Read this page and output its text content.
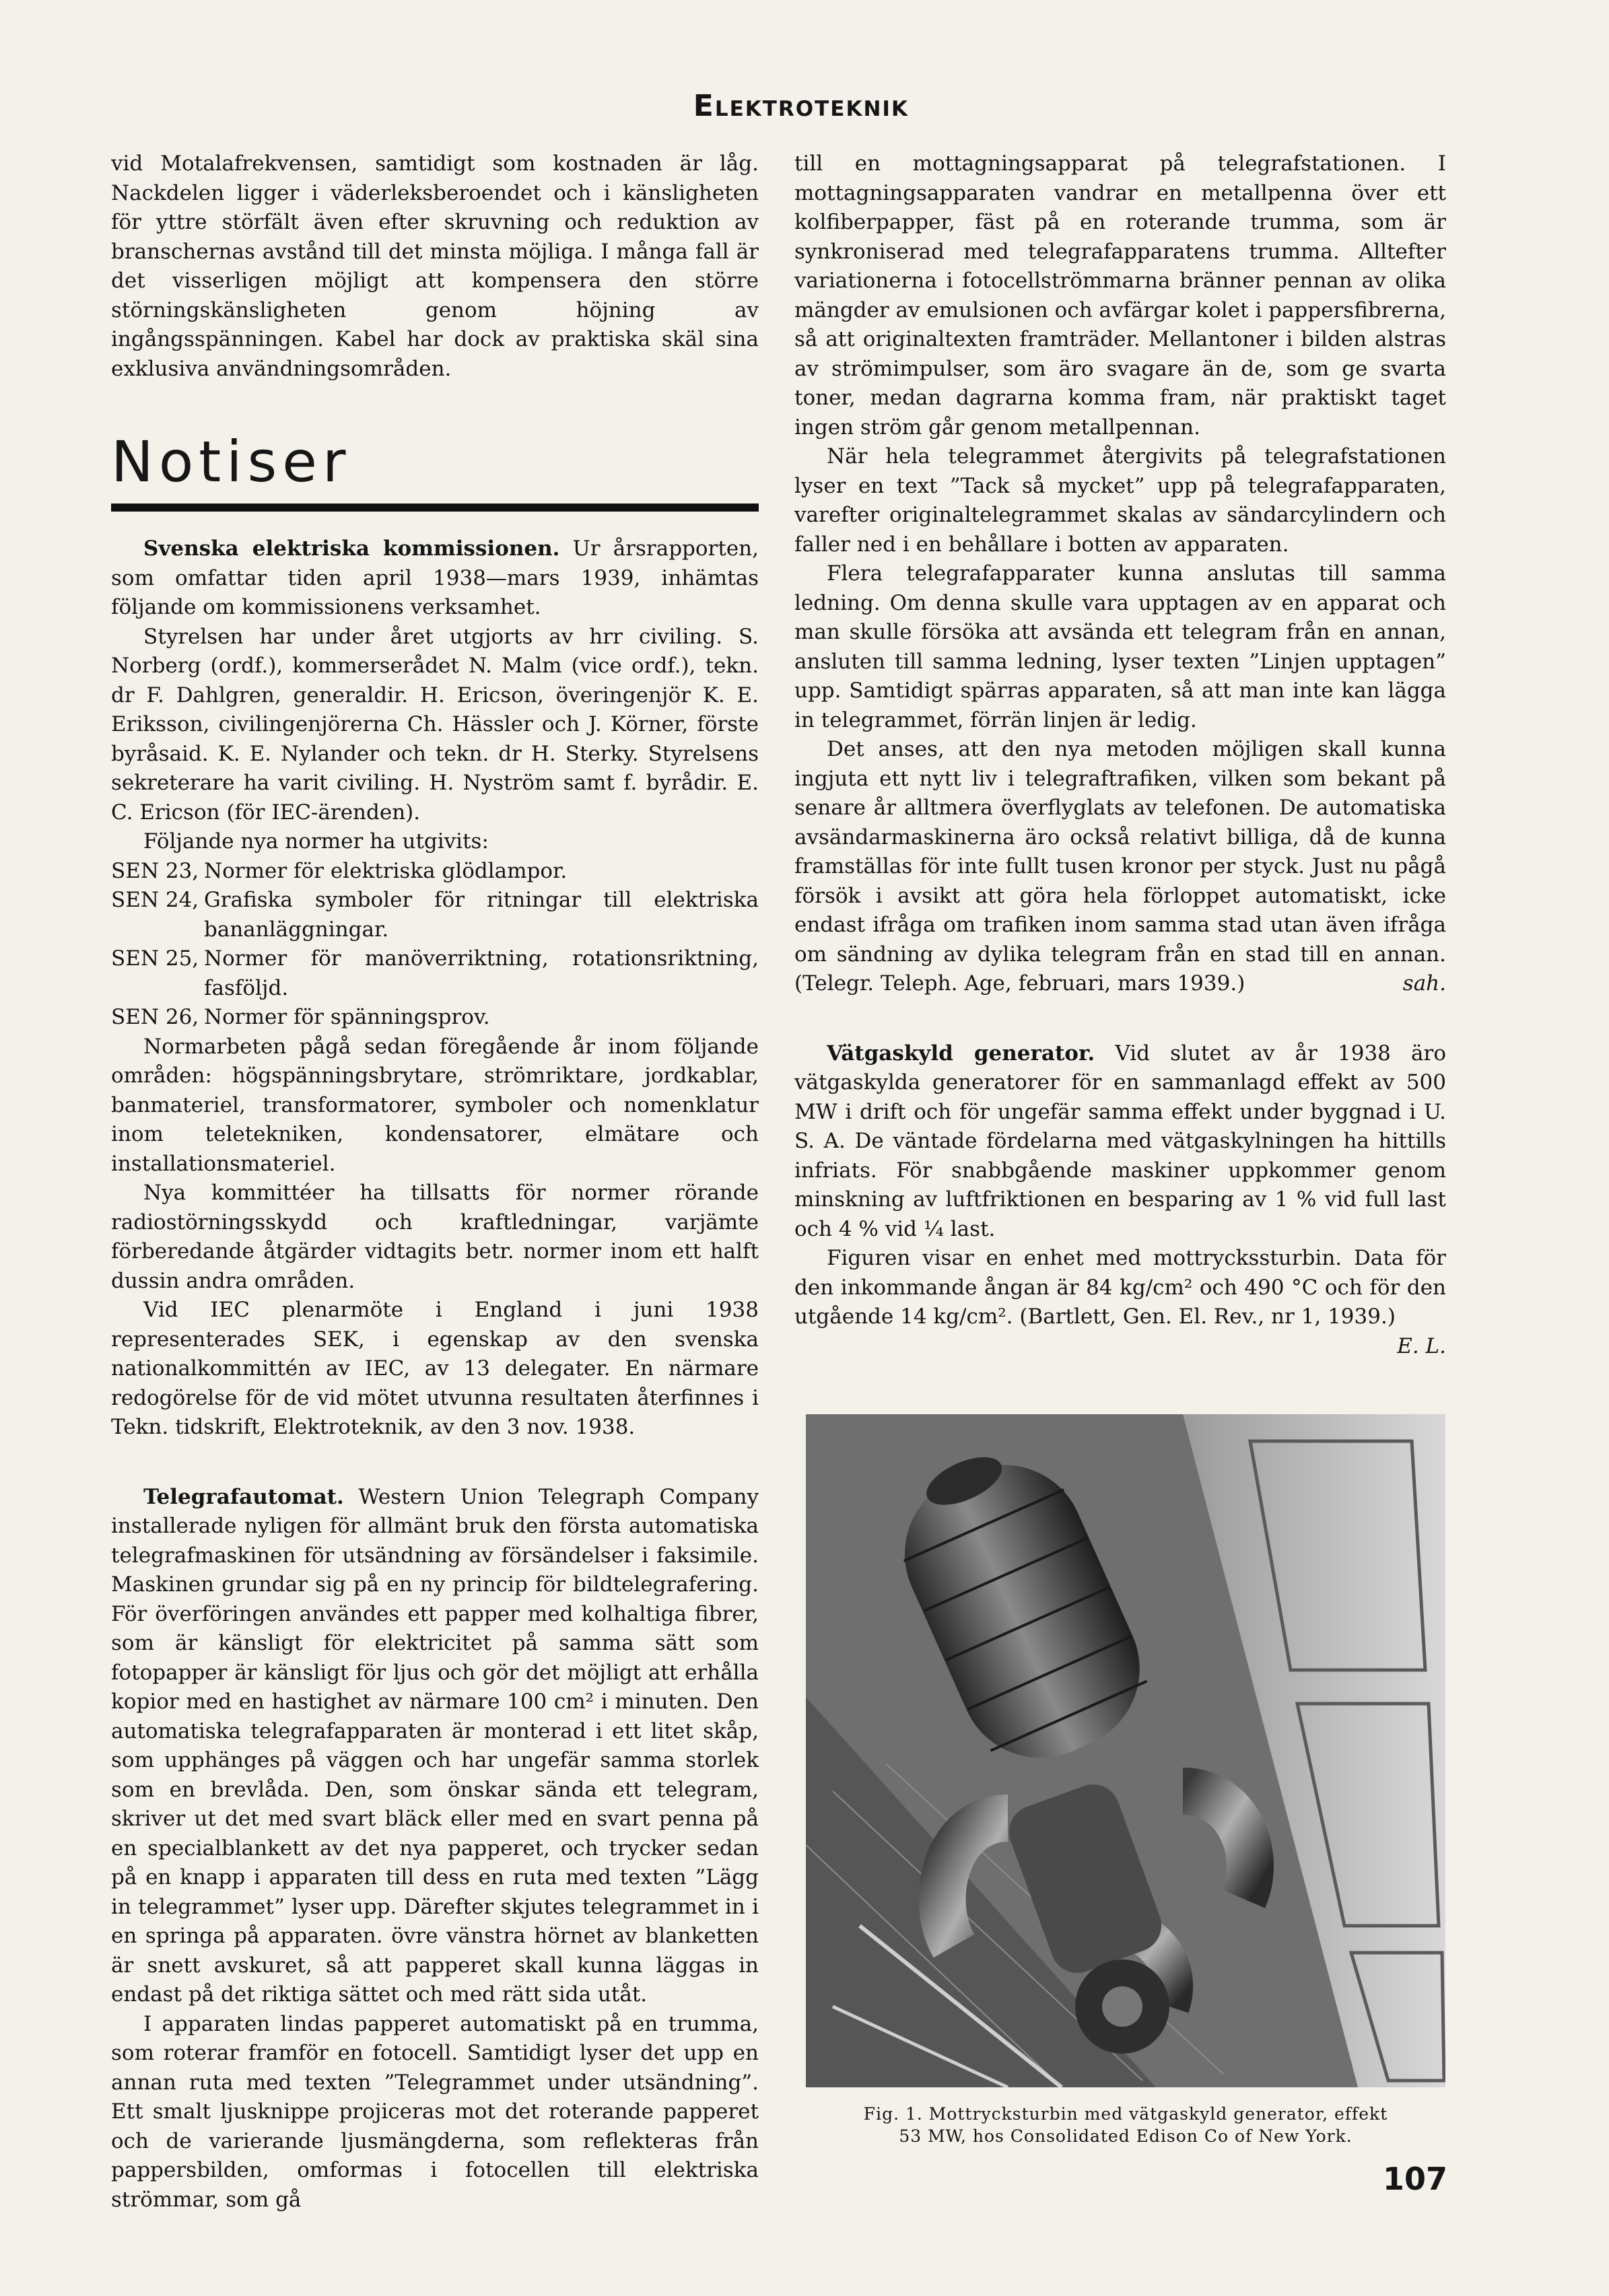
Elektroteknik

vid Motalafrekvensen, samtidigt som kostnaden är låg. Nackdelen ligger i väderleksberoendet och i känsligheten för yttre störfält även efter skruvning och reduktion av branschernas avstånd till det minsta möjliga. I många fall är det visserligen möjligt att kompensera den större störningskänsligheten genom höjning av ingångsspänningen. Kabel har dock av praktiska skäl sina exklusiva användningsområden.

Notiser

Svenska elektriska kommissionen. Ur årsrapporten, som omfattar tiden april 1938—mars 1939, inhämtas följande om kommissionens verksamhet.

Styrelsen har under året utgjorts av hrr civiling. S. Norberg (ordf.), kommerserådet N. Malm (vice ordf.), tekn. dr F. Dahlgren, generaldir. H. Ericson, överingenjör K. E. Eriksson, civilingenjörerna Ch. Hässler och J. Körner, förste byråsaid. K. E. Nylander och tekn. dr H. Sterky. Styrelsens sekreterare ha varit civiling. H. Nyström samt f. byrådir. E. C. Ericson (för IEC-ärenden).

Följande nya normer ha utgivits:

SEN 23, Normer för elektriska glödlampor.
SEN 24, Grafiska symboler för ritningar till elektriska bananläggningar.
SEN 25, Normer för manöverriktning, rotationsriktning, fasföljd.
SEN 26, Normer för spänningsprov.

Normarbeten pågå sedan föregående år inom följande områden: högspänningsbrytare, strömriktare, jordkablar, banmateriel, transformatorer, symboler och nomenklatur inom teletekniken, kondensatorer, elmätare och installationsmateriel.

Nya kommittéer ha tillsatts för normer rörande radiostörningsskydd och kraftledningar, varjämte förberedande åtgärder vidtagits betr. normer inom ett halft dussin andra områden.

Vid IEC plenarmöte i England i juni 1938 representerades SEK, i egenskap av den svenska nationalkommittén av IEC, av 13 delegater. En närmare redogörelse för de vid mötet utvunna resultaten återfinnes i Tekn. tidskrift, Elektroteknik, av den 3 nov. 1938.

Telegrafautomat. Western Union Telegraph Company installerade nyligen för allmänt bruk den första automatiska telegrafmaskinen för utsändning av försändelser i faksimile. Maskinen grundar sig på en ny princip för bildtelegrafering. För överföringen användes ett papper med kolhaltiga fibrer, som är känsligt för elektricitet på samma sätt som fotopapper är känsligt för ljus och gör det möjligt att erhålla kopior med en hastighet av närmare 100 cm² i minuten. Den automatiska telegrafapparaten är monterad i ett litet skåp, som upphänges på väggen och har ungefär samma storlek som en brevlåda. Den, som önskar sända ett telegram, skriver ut det med svart bläck eller med en svart penna på en specialblankett av det nya papperet, och trycker sedan på en knapp i apparaten till dess en ruta med texten ”Lägg in telegrammet” lyser upp. Därefter skjutes telegrammet in i en springa på apparaten. övre vänstra hörnet av blanketten är snett avskuret, så att papperet skall kunna läggas in endast på det riktiga sättet och med rätt sida utåt.

I apparaten lindas papperet automatiskt på en trumma, som roterar framför en fotocell. Samtidigt lyser det upp en annan ruta med texten ”Telegrammet under utsändning”. Ett smalt ljusknippe projiceras mot det roterande papperet och de varierande ljusmängderna, som reflekteras från pappersbilden, omformas i fotocellen till elektriska strömmar, som gå

till en mottagningsapparat på telegrafstationen. I mottagningsapparaten vandrar en metallpenna över ett kolfiberpapper, fäst på en roterande trumma, som är synkroniserad med telegrafapparatens trumma. Alltefter variationerna i fotocellströmmarna bränner pennan av olika mängder av emulsionen och avfärgar kolet i pappersfibrerna, så att originaltexten framträder. Mellantoner i bilden alstras av strömimpulser, som äro svagare än de, som ge svarta toner, medan dagrarna komma fram, när praktiskt taget ingen ström går genom metallpennan.

När hela telegrammet återgivits på telegrafstationen lyser en text ”Tack så mycket” upp på telegrafapparaten, varefter originaltelegrammet skalas av sändarcylindern och faller ned i en behållare i botten av apparaten.

Flera telegrafapparater kunna anslutas till samma ledning. Om denna skulle vara upptagen av en apparat och man skulle försöka att avsända ett telegram från en annan, ansluten till samma ledning, lyser texten ”Linjen upptagen” upp. Samtidigt spärras apparaten, så att man inte kan lägga in telegrammet, förrän linjen är ledig.

Det anses, att den nya metoden möjligen skall kunna ingjuta ett nytt liv i telegraftrafiken, vilken som bekant på senare år alltmera överflyglats av telefonen. De automatiska avsändarmaskinerna äro också relativt billiga, då de kunna framställas för inte fullt tusen kronor per styck. Just nu pågå försök i avsikt att göra hela förloppet automatiskt, icke endast ifråga om trafiken inom samma stad utan även ifråga om sändning av dylika telegram från en stad till en annan. (Telegr. Teleph. Age, februari, mars 1939.)	sah.

Vätgaskyld generator. Vid slutet av år 1938 äro vätgaskylda generatorer för en sammanlagd effekt av 500 MW i drift och för ungefär samma effekt under byggnad i U. S. A. De väntade fördelarna med vätgaskylningen ha hittills infriats. För snabbgående maskiner uppkommer genom minskning av luftfriktionen en besparing av 1 % vid full last och 4 % vid ¼ last.

Figuren visar en enhet med mottryckssturbin. Data för den inkommande ångan är 84 kg/cm² och 490 °C och för den utgående 14 kg/cm². (Bartlett, Gen. El. Rev., nr 1, 1939.)
E. L.

Fig. 1. Mottrycksturbin med vätgaskyld generator, effekt
53 MW, hos Consolidated Edison Co of New York.
107
